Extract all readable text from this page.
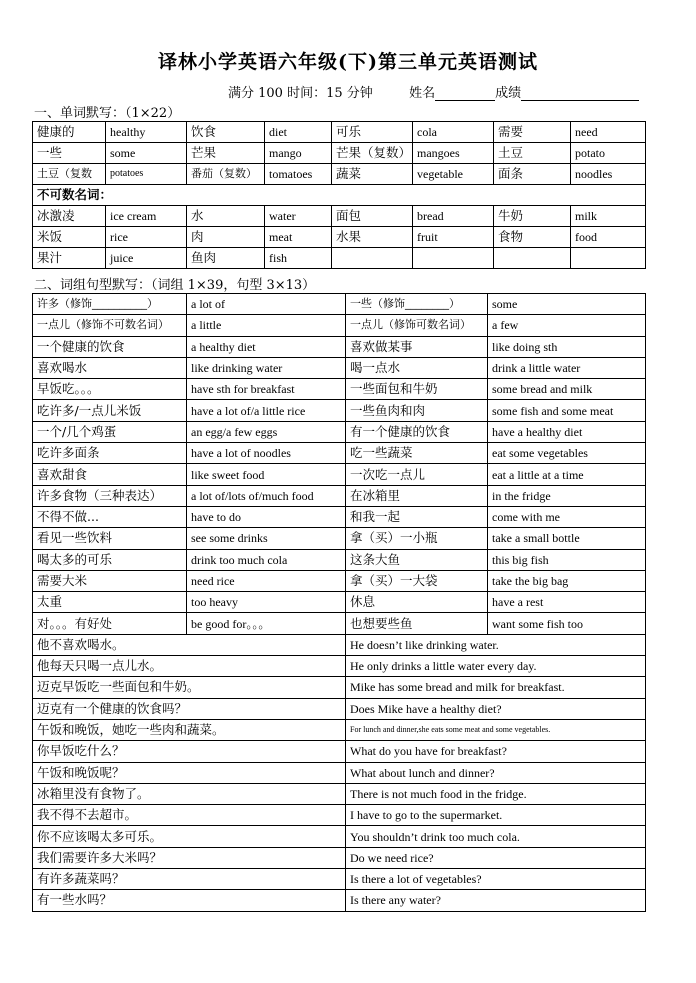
译林小学英语六年级(下)第三单元英语测试
满分 100 时间：15 分钟	姓名	成绩
一、单词默写：（1×22）
健康的	healthy	饮食	diet	可乐	cola	需要	need
一些	some	芒果	mango	芒果（复数）	mangoes	土豆	potato
土豆（复数	potatoes	番茄（复数）	tomatoes	蔬菜	vegetable	面条	noodles
不可数名词：							
冰激凌	ice cream	水	water	面包	bread	牛奶	milk
米饭	rice	肉	meat	水果	fruit	食物	food
果汁	juice	鱼肉	fish				
二、词组句型默写：（词组 1×39，句型 3×13）
许多（修饰__________）	a lot of	一些（修饰________）	some
一点儿（修饰不可数名词）	a little	一点儿（修饰可数名词）	a few
一个健康的饮食	a healthy diet	喜欢做某事	like doing sth
喜欢喝水	like drinking water	喝一点水	drink a little water
早饭吃。。。	have sth for breakfast	一些面包和牛奶	some bread and milk
吃许多/一点儿米饭	have a lot of/a little rice	一些鱼肉和肉	some fish and some meat
一个/几个鸡蛋	an egg/a few eggs	有一个健康的饮食	have a healthy diet
吃许多面条	have a lot of noodles	吃一些蔬菜	eat some vegetables
喜欢甜食	like sweet food	一次吃一点儿	eat a little at a time
许多食物（三种表达）	a lot of/lots of/much food	在冰箱里	in the fridge
不得不做...	have to do	和我一起	come with me
看见一些饮料	see some drinks	拿（买）一小瓶	take a small bottle
喝太多的可乐	drink too much cola	这条大鱼	this big fish
需要大米	need rice	拿（买）一大袋	take the big bag
太重	too heavy	休息	have a rest
对。。。有好处	be good for。。。	也想要些鱼	want some fish too
他不喜欢喝水。		He doesn’t like drinking water.	
他每天只喝一点儿水。		He only drinks a little water every day.	
迈克早饭吃一些面包和牛奶。		Mike has some bread and milk for breakfast.	
迈克有一个健康的饮食吗？		Does Mike have a healthy diet?	
午饭和晚饭，她吃一些肉和蔬菜。		For lunch and dinner,she eats some meat and some vegetables.	
你早饭吃什么？		What do you have for breakfast?	
午饭和晚饭呢？		What about lunch and dinner?	
冰箱里没有食物了。		There is not much food in the fridge.	
我不得不去超市。		I have to go to the supermarket.	
你不应该喝太多可乐。		You shouldn’t drink too much cola.	
我们需要许多大米吗？		Do we need rice?	
有许多蔬菜吗？		Is there a lot of vegetables?	
有一些水吗？		Is there any water?	
